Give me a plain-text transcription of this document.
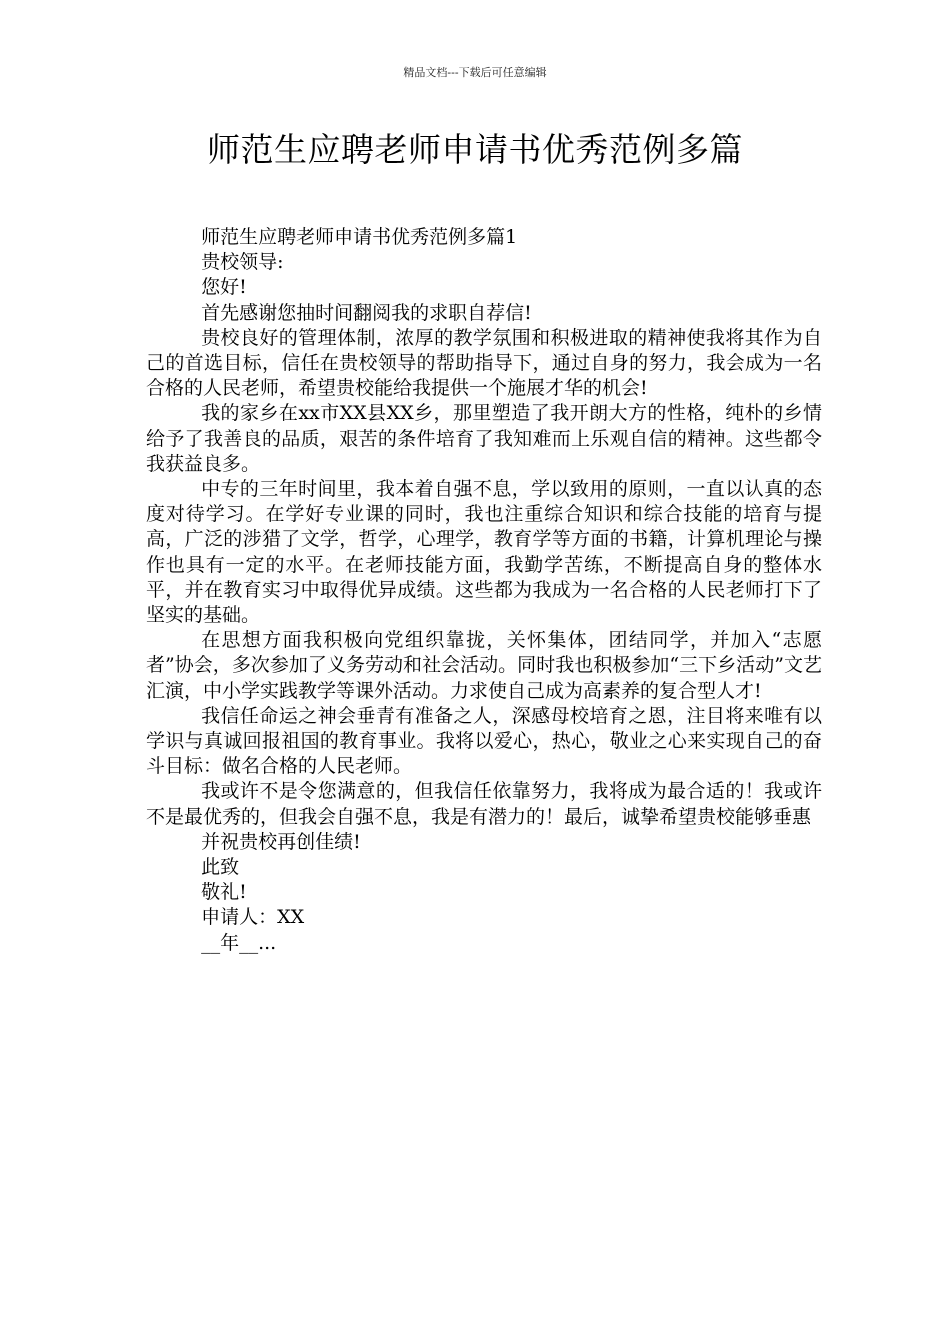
精品文档---下载后可任意编辑
师范生应聘老师申请书优秀范例多篇

师范生应聘老师申请书优秀范例多篇1

贵校领导:

您好!

首先感谢您抽时间翻阅我的求职自荐信!

贵校良好的管理体制，浓厚的教学氛围和积极进取的精神使我将其作为自己的首选目标，信任在贵校领导的帮助指导下，通过自身的努力，我会成为一名合格的人民老师，希望贵校能给我提供一个施展才华的机会!

我的家乡在xx市XX县XX乡，那里塑造了我开朗大方的性格，纯朴的乡情给予了我善良的品质，艰苦的条件培育了我知难而上乐观自信的精神。这些都令我获益良多。

中专的三年时间里，我本着自强不息，学以致用的原则，一直以认真的态度对待学习。在学好专业课的同时，我也注重综合知识和综合技能的培育与提高，广泛的涉猎了文学，哲学，心理学，教育学等方面的书籍，计算机理论与操作也具有一定的水平。在老师技能方面，我勤学苦练，不断提高自身的整体水平，并在教育实习中取得优异成绩。这些都为我成为一名合格的人民老师打下了坚实的基础。

在思想方面我积极向党组织靠拢，关怀集体，团结同学，并加入“志愿者”协会，多次参加了义务劳动和社会活动。同时我也积极参加“三下乡活动”文艺汇演，中小学实践教学等课外活动。力求使自己成为高素养的复合型人才!

我信任命运之神会垂青有准备之人，深感母校培育之恩，注目将来唯有以学识与真诚回报祖国的教育事业。我将以爱心，热心，敬业之心来实现自己的奋斗目标：做名合格的人民老师。

我或许不是令您满意的，但我信任依靠努力，我将成为最合适的！我或许不是最优秀的，但我会自强不息，我是有潜力的！最后，诚挚希望贵校能够垂惠

并祝贵校再创佳绩!

此致

敬礼!

申请人：XX

__年__...
